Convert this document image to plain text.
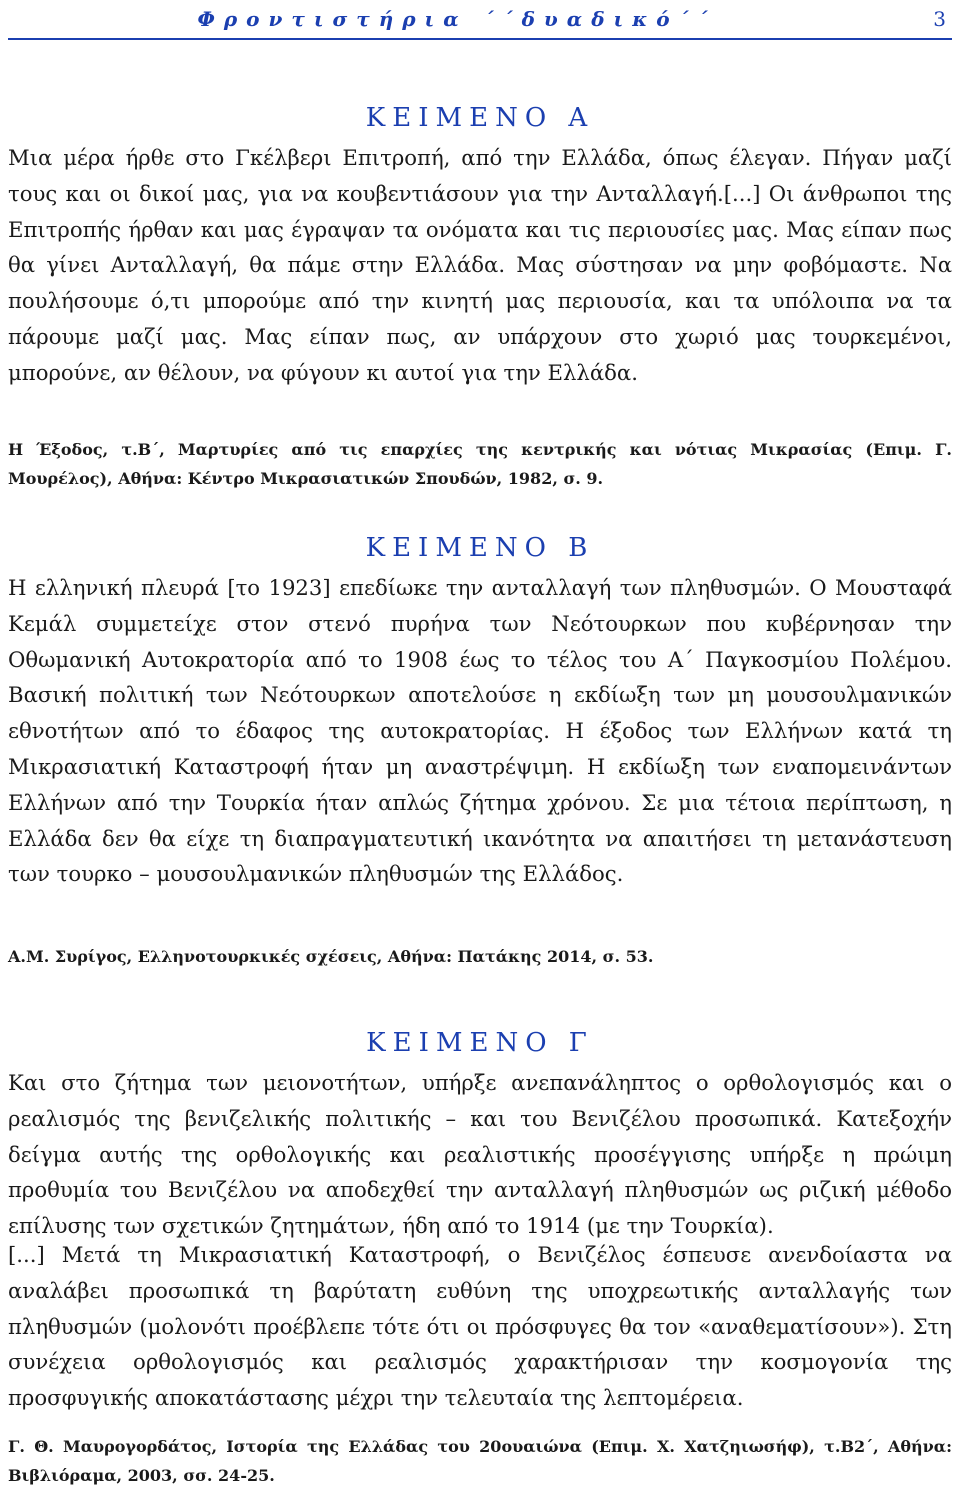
Φροντιστήρια ΄΄δυαδικό΄΄	3
ΚΕΙΜΕΝΟ Α

Μια μέρα ήρθε στο Γκέλβερι Επιτροπή, από την Ελλάδα, όπως έλεγαν. Πήγαν μαζί τους και οι δικοί μας, για να κουβεντιάσουν για την Ανταλλαγή.[...] Οι άνθρωποι της Επιτροπής ήρθαν και μας έγραψαν τα ονόματα και τις περιουσίες μας. Μας είπαν πως θα γίνει Ανταλλαγή, θα πάμε στην Ελλάδα. Μας σύστησαν να μην φοβόμαστε. Να πουλήσουμε ό,τι μπορούμε από την κινητή μας περιουσία, και τα υπόλοιπα να τα πάρουμε μαζί μας. Μας είπαν πως, αν υπάρχουν στο χωριό μας τουρκεμένοι, μπορούνε, αν θέλουν, να φύγουν κι αυτοί για την Ελλάδα.

Η Έξοδος, τ.Β΄, Μαρτυρίες από τις επαρχίες της κεντρικής και νότιας Μικρασίας (Επιμ. Γ. Μουρέλος), Αθήνα: Κέντρο Μικρασιατικών Σπουδών, 1982, σ. 9.

ΚΕΙΜΕΝΟ Β

Η ελληνική πλευρά [το 1923] επεδίωκε την ανταλλαγή των πληθυσμών. Ο Μουσταφά Κεμάλ συμμετείχε στον στενό πυρήνα των Νεότουρκων που κυβέρνησαν την Οθωμανική Αυτοκρατορία από το 1908 έως το τέλος του Α΄ Παγκοσμίου Πολέμου. Βασική πολιτική των Νεότουρκων αποτελούσε η εκδίωξη των μη μουσουλμανικών εθνοτήτων από το έδαφος της αυτοκρατορίας. Η έξοδος των Ελλήνων κατά τη Μικρασιατική Καταστροφή ήταν μη αναστρέψιμη. Η εκδίωξη των εναπομεινάντων Ελλήνων από την Τουρκία ήταν απλώς ζήτημα χρόνου. Σε μια τέτοια περίπτωση, η Ελλάδα δεν θα είχε τη διαπραγματευτική ικανότητα να απαιτήσει τη μετανάστευση των τουρκο – μουσουλμανικών πληθυσμών της Ελλάδος.

Α.Μ. Συρίγος, Ελληνοτουρκικές σχέσεις, Αθήνα: Πατάκης 2014, σ. 53.

ΚΕΙΜΕΝΟ Γ

Και στο ζήτημα των μειονοτήτων, υπήρξε ανεπανάληπτος ο ορθολογισμός και ο ρεαλισμός της βενιζελικής πολιτικής – και του Βενιζέλου προσωπικά. Κατεξοχήν δείγμα αυτής της ορθολογικής και ρεαλιστικής προσέγγισης υπήρξε η πρώιμη προθυμία του Βενιζέλου να αποδεχθεί την ανταλλαγή πληθυσμών ως ριζική μέθοδο επίλυσης των σχετικών ζητημάτων, ήδη από το 1914 (με την Τουρκία).

[...] Μετά τη Μικρασιατική Καταστροφή, ο Βενιζέλος έσπευσε ανενδοίαστα να αναλάβει προσωπικά τη βαρύτατη ευθύνη της υποχρεωτικής ανταλλαγής των πληθυσμών (μολονότι προέβλεπε τότε ότι οι πρόσφυγες θα τον «αναθεματίσουν»). Στη συνέχεια ορθολογισμός και ρεαλισμός χαρακτήρισαν την κοσμογονία της προσφυγικής αποκατάστασης μέχρι την τελευταία της λεπτομέρεια.

Γ. Θ. Μαυρογορδάτος, Ιστορία της Ελλάδας του 20ουαιώνα (Επιμ. Χ. Χατζηιωσήφ), τ.Β2΄, Αθήνα: Βιβλιόραμα, 2003, σσ. 24-25.
